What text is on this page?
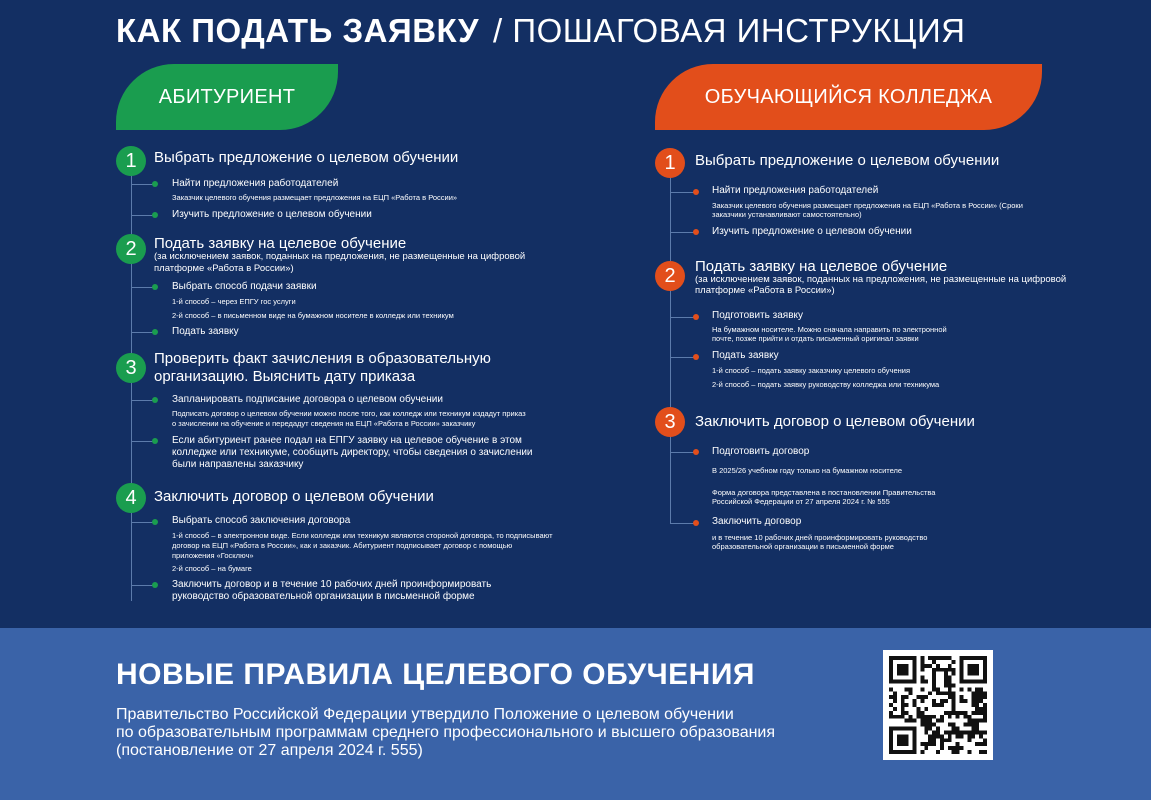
КАК ПОДАТЬ ЗАЯВКУ / ПОШАГОВАЯ ИНСТРУКЦИЯ
АБИТУРИЕНТ	ОБУЧАЮЩИЙСЯ КОЛЛЕДЖА
1	Выбрать предложение о целевом обучении
Найти предложения работодателей
Заказчик целевого обучения размещает предложения на ЕЦП «Работа в России»
Изучить предложение о целевом обучении
2	Подать заявку на целевое обучение
(за исключением заявок, поданных на предложения, не размещенные на цифровой
платформе «Работа в России»)
Выбрать способ подачи заявки
1-й способ – через ЕПГУ гос услуги
2-й способ – в письменном виде на бумажном носителе в колледж или техникум
Подать заявку
3	Проверить факт зачисления в образовательную
организацию. Выяснить дату приказа
Запланировать подписание договора о целевом обучении
Подписать договор о целевом обучении можно после того, как колледж или техникум издадут приказ
о зачислении на обучение и передадут сведения на ЕЦП «Работа в России» заказчику
Если абитуриент ранее подал на ЕПГУ заявку на целевое обучение в этом
колледже или техникуме, сообщить директору, чтобы сведения о зачислении
были направлены заказчику
4	Заключить договор о целевом обучении
Выбрать способ заключения договора
1-й способ – в электронном виде. Если колледж или техникум являются стороной договора, то подписывают
договор на ЕЦП «Работа в России», как и заказчик. Абитуриент подписывает договор с помощью
приложения «Госключ»
2-й способ – на бумаге
Заключить договор и в течение 10 рабочих дней проинформировать
руководство образовательной организации в письменной форме
1	Выбрать предложение о целевом обучении
Найти предложения работодателей
Заказчик целевого обучения размещает предложения на ЕЦП «Работа в России» (Сроки
заказчики устанавливают самостоятельно)
Изучить предложение о целевом обучении
2	Подать заявку на целевое обучение
(за исключением заявок, поданных на предложения, не размещенные на цифровой
платформе «Работа в России»)
Подготовить заявку
На бумажном носителе. Можно сначала направить по электронной
почте, позже прийти и отдать письменный оригинал заявки
Подать заявку
1-й способ – подать заявку заказчику целевого обучения
2-й способ – подать заявку руководству колледжа или техникума
3	Заключить договор о целевом обучении
Подготовить договор
В 2025/26 учебном году только на бумажном носителе
Форма договора представлена в постановлении Правительства
Российской Федерации от 27 апреля 2024 г. № 555
Заключить договор
и в течение 10 рабочих дней проинформировать руководство
образовательной организации в письменной форме
НОВЫЕ ПРАВИЛА ЦЕЛЕВОГО ОБУЧЕНИЯ
Правительство Российской Федерации утвердило Положение о целевом обучении
по образовательным программам среднего профессионального и высшего образования
(постановление от 27 апреля 2024 г. 555)
